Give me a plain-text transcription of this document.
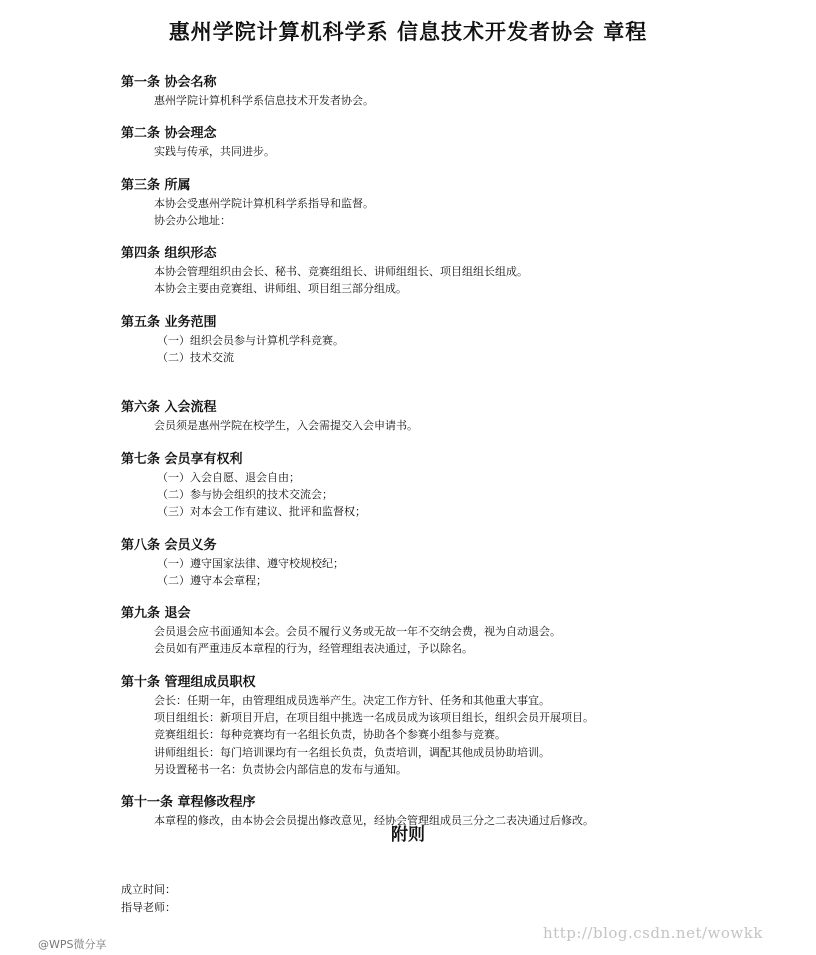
惠州学院计算机科学系 信息技术开发者协会 章程
第一条 协会名称
惠州学院计算机科学系信息技术开发者协会。
第二条 协会理念
实践与传承，共同进步。
第三条 所属
本协会受惠州学院计算机科学系指导和监督。
协会办公地址：
第四条 组织形态
本协会管理组织由会长、秘书、竞赛组组长、讲师组组长、项目组组长组成。
本协会主要由竞赛组、讲师组、项目组三部分组成。
第五条 业务范围
（一）组织会员参与计算机学科竞赛。
（二）技术交流
第六条 入会流程
会员须是惠州学院在校学生，入会需提交入会申请书。
第七条 会员享有权利
（一）入会自愿、退会自由；
（二）参与协会组织的技术交流会；
（三）对本会工作有建议、批评和监督权；
第八条 会员义务
（一）遵守国家法律、遵守校规校纪；
（二）遵守本会章程；
第九条 退会
会员退会应书面通知本会。会员不履行义务或无故一年不交纳会费，视为自动退会。
会员如有严重违反本章程的行为，经管理组表决通过，予以除名。
第十条 管理组成员职权
会长：任期一年，由管理组成员选举产生。决定工作方针、任务和其他重大事宜。
项目组组长：新项目开启，在项目组中挑选一名成员成为该项目组长，组织会员开展项目。
竞赛组组长：每种竞赛均有一名组长负责，协助各个参赛小组参与竞赛。
讲师组组长：每门培训课均有一名组长负责，负责培训，调配其他成员协助培训。
另设置秘书一名：负责协会内部信息的发布与通知。
第十一条 章程修改程序
本章程的修改，由本协会会员提出修改意见，经协会管理组成员三分之二表决通过后修改。
附则
成立时间：
指导老师：
@WPS微分享
http://blog.csdn.net/wowkk
